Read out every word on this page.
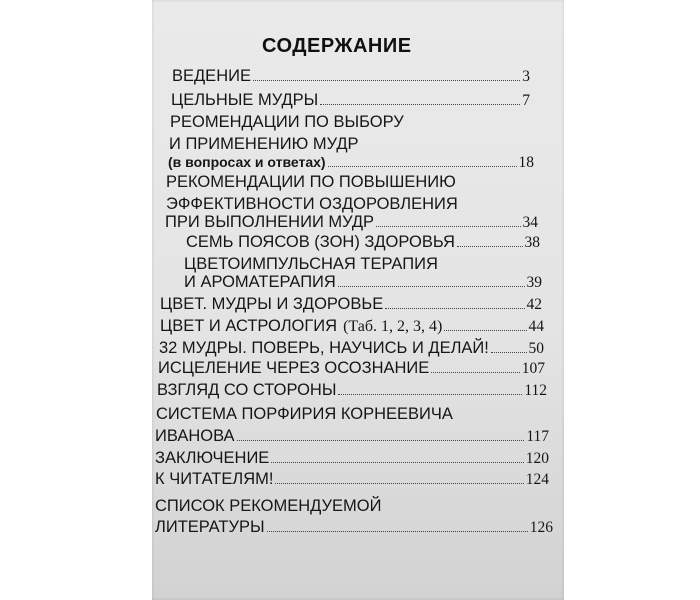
СОДЕРЖАНИЕ
ВЕДЕНИЕ	3
ЦЕЛЬНЫЕ МУДРЫ	7
РЕОМЕНДАЦИИ ПО ВЫБОРУ
И ПРИМЕНЕНИЮ МУДР
(в вопросах и ответах)	18
РЕКОМЕНДАЦИИ ПО ПОВЫШЕНИЮ
ЭФФЕКТИВНОСТИ ОЗДОРОВЛЕНИЯ
ПРИ ВЫПОЛНЕНИИ МУДР	34
СЕМЬ ПОЯСОВ (ЗОН) ЗДОРОВЬЯ	38
ЦВЕТОИМПУЛЬСНАЯ ТЕРАПИЯ
И АРОМАТЕРАПИЯ	39
ЦВЕТ. МУДРЫ И ЗДОРОВЬЕ	42
ЦВЕТ И АСТРОЛОГИЯ (Таб. 1, 2, 3, 4)	44
32 МУДРЫ. ПОВЕРЬ, НАУЧИСЬ И ДЕЛАЙ!	50
ИСЦЕЛЕНИЕ ЧЕРЕЗ ОСОЗНАНИЕ	107
ВЗГЛЯД СО СТОРОНЫ	112
СИСТЕМА ПОРФИРИЯ КОРНЕЕВИЧА
ИВАНОВА	117
ЗАКЛЮЧЕНИЕ	120
К ЧИТАТЕЛЯМ!	124
СПИСОК РЕКОМЕНДУЕМОЙ
ЛИТЕРАТУРЫ	126
